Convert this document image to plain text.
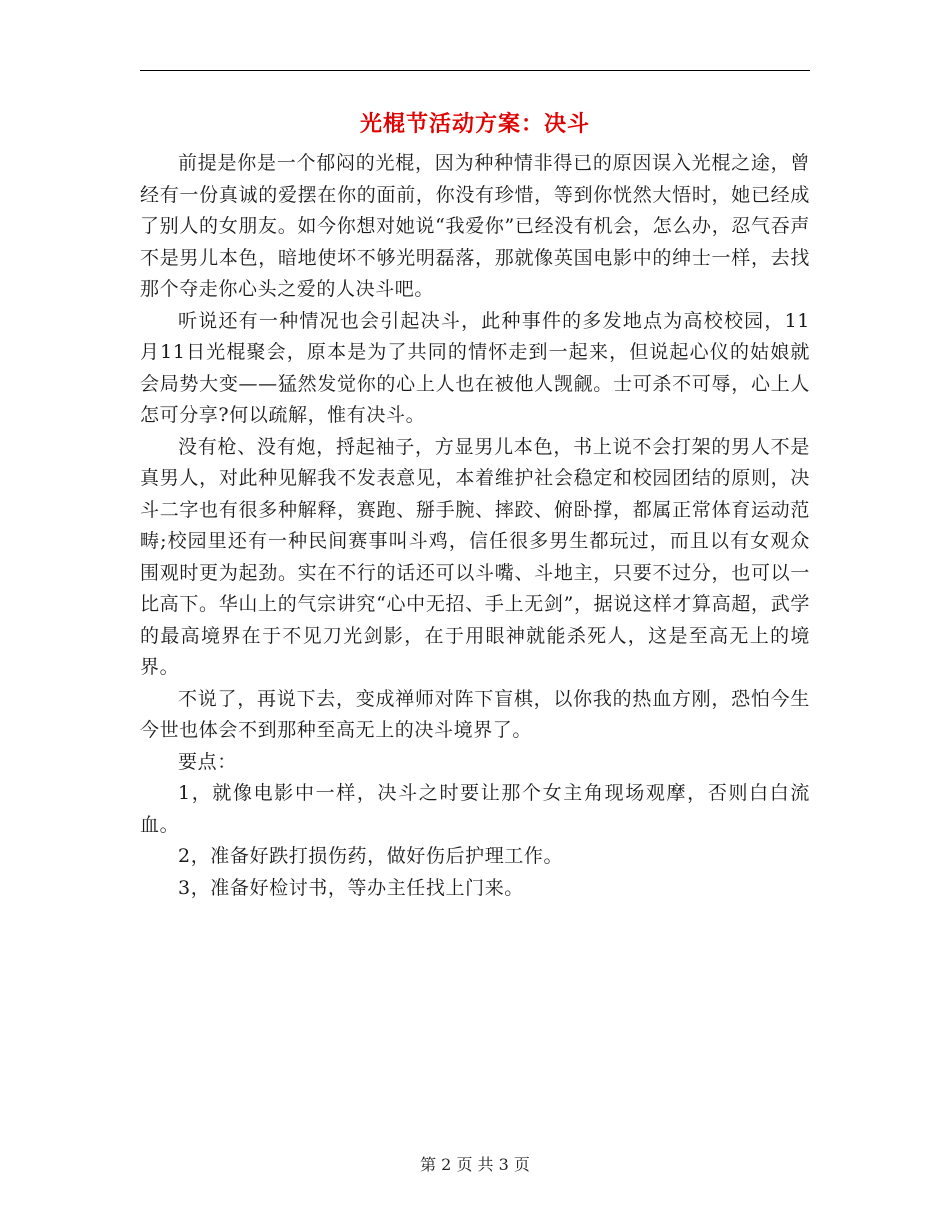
光棍节活动方案：决斗

前提是你是一个郁闷的光棍，因为种种情非得已的原因误入光棍之途，曾经有一份真诚的爱摆在你的面前，你没有珍惜，等到你恍然大悟时，她已经成了别人的女朋友。如今你想对她说“我爱你”已经没有机会，怎么办，忍气吞声不是男儿本色，暗地使坏不够光明磊落，那就像英国电影中的绅士一样，去找那个夺走你心头之爱的人决斗吧。

听说还有一种情况也会引起决斗，此种事件的多发地点为高校校园，11月11日光棍聚会，原本是为了共同的情怀走到一起来，但说起心仪的姑娘就会局势大变——猛然发觉你的心上人也在被他人觊觎。士可杀不可辱，心上人怎可分享?何以疏解，惟有决斗。

没有枪、没有炮，捋起袖子，方显男儿本色，书上说不会打架的男人不是真男人，对此种见解我不发表意见，本着维护社会稳定和校园团结的原则，决斗二字也有很多种解释，赛跑、掰手腕、摔跤、俯卧撑，都属正常体育运动范畴;校园里还有一种民间赛事叫斗鸡，信任很多男生都玩过，而且以有女观众围观时更为起劲。实在不行的话还可以斗嘴、斗地主，只要不过分，也可以一比高下。华山上的气宗讲究“心中无招、手上无剑”，据说这样才算高超，武学的最高境界在于不见刀光剑影，在于用眼神就能杀死人，这是至高无上的境界。

不说了，再说下去，变成禅师对阵下盲棋，以你我的热血方刚，恐怕今生今世也体会不到那种至高无上的决斗境界了。

要点：

1，就像电影中一样，决斗之时要让那个女主角现场观摩，否则白白流血。

2，准备好跌打损伤药，做好伤后护理工作。

3，准备好检讨书，等办主任找上门来。

第 2 页 共 3 页
